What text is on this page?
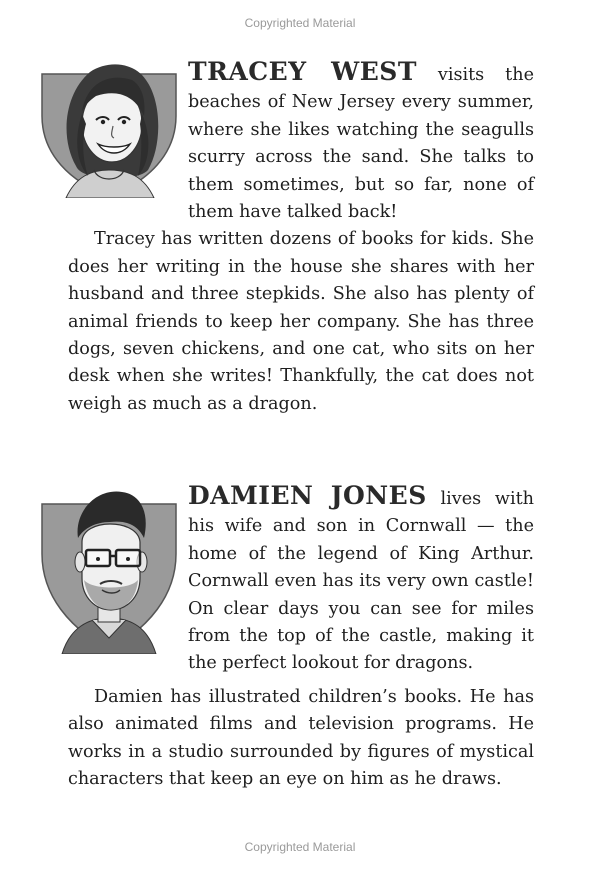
Copyrighted Material

TRACEY WEST visits the beaches of New Jersey every summer, where she likes watching the seagulls scurry across the sand. She talks to them sometimes, but so far, none of them have talked back!

Tracey has written dozens of books for kids. She does her writing in the house she shares with her husband and three stepkids. She also has plenty of animal friends to keep her company. She has three dogs, seven chickens, and one cat, who sits on her desk when she writes! Thankfully, the cat does not weigh as much as a dragon.

DAMIEN JONES lives with his wife and son in Cornwall — the home of the legend of King Arthur. Cornwall even has its very own castle! On clear days you can see for miles from the top of the castle, making it the perfect lookout for dragons.

Damien has illustrated children’s books. He has also animated films and television programs. He works in a studio surrounded by figures of mystical characters that keep an eye on him as he draws.

Copyrighted Material
